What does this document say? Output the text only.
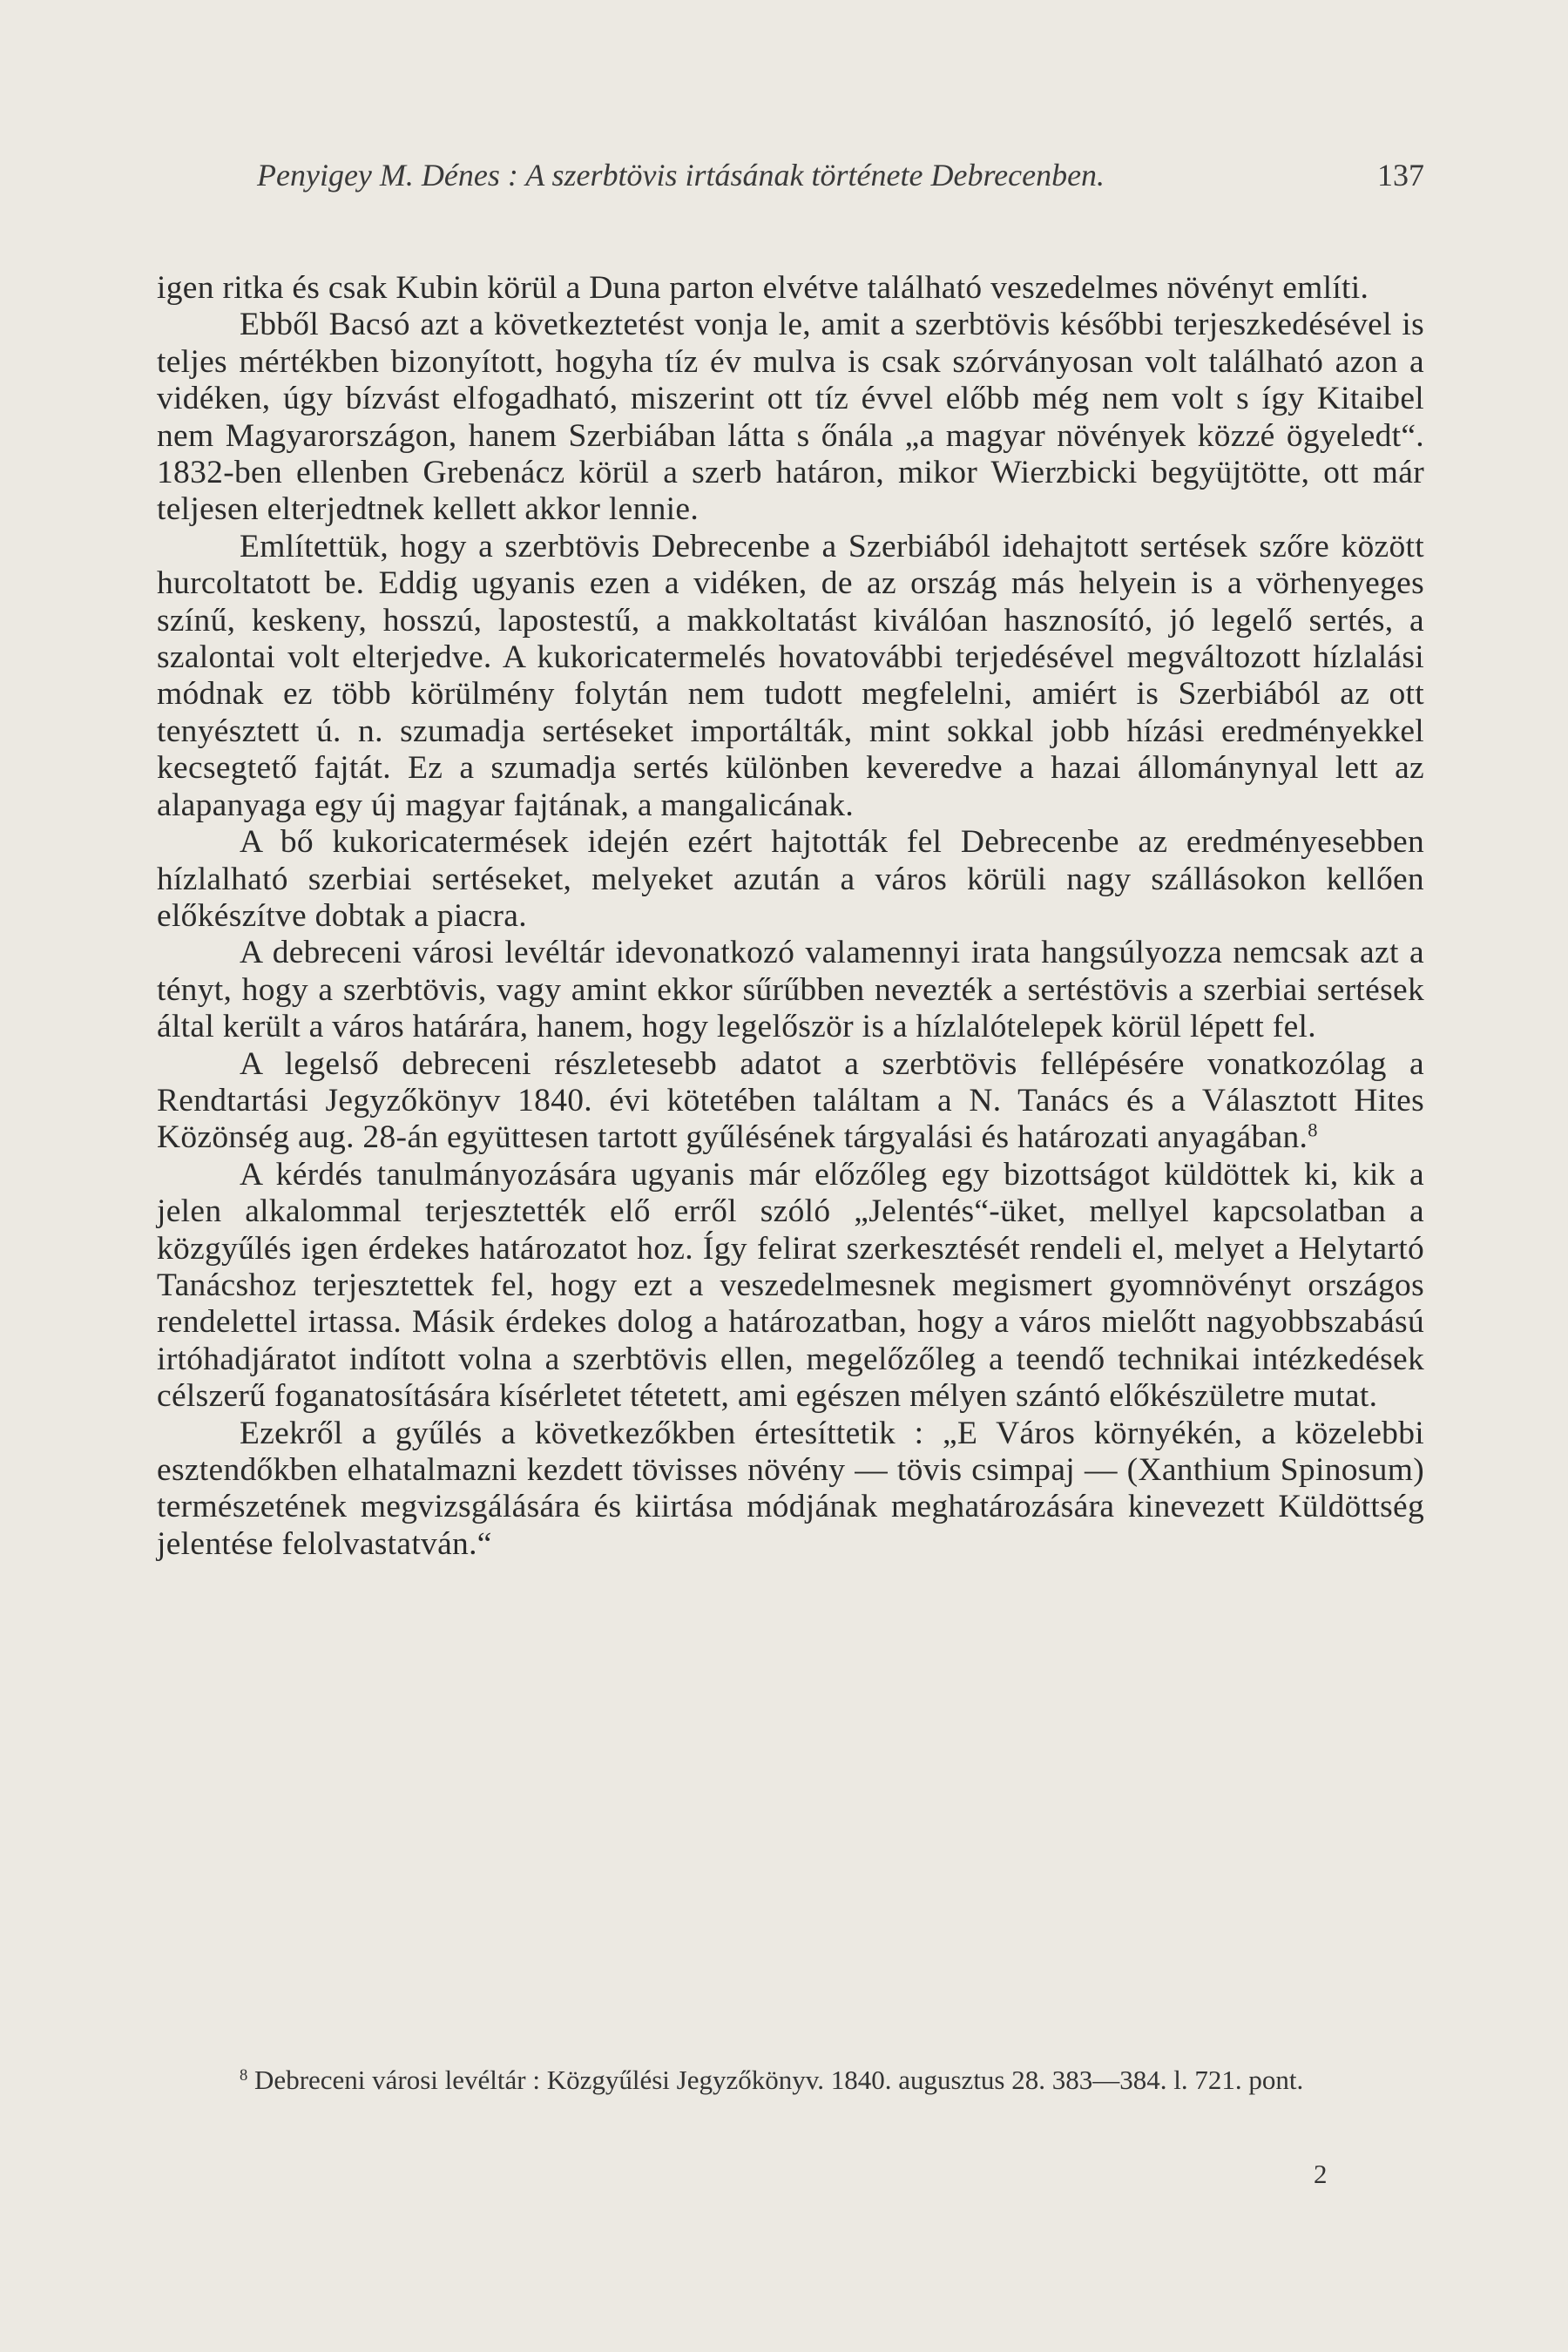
Penyigey M. Dénes : A szerbtövis irtásának története Debrecenben.	137

igen ritka és csak Kubin körül a Duna parton elvétve található veszedelmes növényt említi.

Ebből Bacsó azt a következtetést vonja le, amit a szerbtövis későbbi terjeszkedésével is teljes mértékben bizonyított, hogyha tíz év mulva is csak szórványosan volt található azon a vidéken, úgy bízvást elfogadható, miszerint ott tíz évvel előbb még nem volt s így Kitaibel nem Magyarországon, hanem Szerbiában látta s őnála „a magyar növények közzé ögyeledt“. 1832-ben ellenben Grebenácz körül a szerb határon, mikor Wierzbicki begyüjtötte, ott már teljesen elterjedtnek kellett akkor lennie.

Említettük, hogy a szerbtövis Debrecenbe a Szerbiából idehajtott sertések szőre között hurcoltatott be. Eddig ugyanis ezen a vidéken, de az ország más helyein is a vörhenyeges színű, keskeny, hosszú, lapostestű, a makkoltatást kiválóan hasznosító, jó legelő sertés, a szalontai volt elterjedve. A kukoricatermelés hovatovábbi terjedésével megváltozott hízlalási módnak ez több körülmény folytán nem tudott megfelelni, amiért is Szerbiából az ott tenyésztett ú. n. szumadja sertéseket importálták, mint sokkal jobb hízási eredményekkel kecsegtető fajtát. Ez a szumadja sertés különben keveredve a hazai állománynyal lett az alapanyaga egy új magyar fajtának, a mangalicának.

A bő kukoricatermések idején ezért hajtották fel Debrecenbe az eredményesebben hízlalható szerbiai sertéseket, melyeket azután a város körüli nagy szállásokon kellően előkészítve dobtak a piacra.

A debreceni városi levéltár idevonatkozó valamennyi irata hangsúlyozza nemcsak azt a tényt, hogy a szerbtövis, vagy amint ekkor sűrűbben nevezték a sertéstövis a szerbiai sertések által került a város határára, hanem, hogy legelőször is a hízlalótelepek körül lépett fel.

A legelső debreceni részletesebb adatot a szerbtövis fellépésére vonatkozólag a Rendtartási Jegyzőkönyv 1840. évi kötetében találtam a N. Tanács és a Választott Hites Közönség aug. 28-án együttesen tartott gyűlésének tárgyalási és határozati anyagában.$^8$

A kérdés tanulmányozására ugyanis már előzőleg egy bizottságot küldöttek ki, kik a jelen alkalommal terjesztették elő erről szóló „Jelentés“-üket, mellyel kapcsolatban a közgyűlés igen érdekes határozatot hoz. Így felirat szerkesztését rendeli el, melyet a Helytartó Tanácshoz terjesztettek fel, hogy ezt a veszedelmesnek megismert gyomnövényt országos rendelettel irtassa. Másik érdekes dolog a határozatban, hogy a város mielőtt nagyobbszabású irtóhadjáratot indított volna a szerbtövis ellen, megelőzőleg a teendő technikai intézkedések célszerű foganatosítására kísérletet tétetett, ami egészen mélyen szántó előkészületre mutat.

Ezekről a gyűlés a következőkben értesíttetik : „E Város környékén, a közelebbi esztendőkben elhatalmazni kezdett tövisses növény — tövis csimpaj — (Xanthium Spinosum) természetének megvizsgálására és kiirtása módjának meghatározására kinevezett Küldöttség jelentése felolvastatván.“

$^8$ Debreceni városi levéltár : Közgyűlési Jegyzőkönyv. 1840. augusztus 28. 383—384. l. 721. pont.
2
